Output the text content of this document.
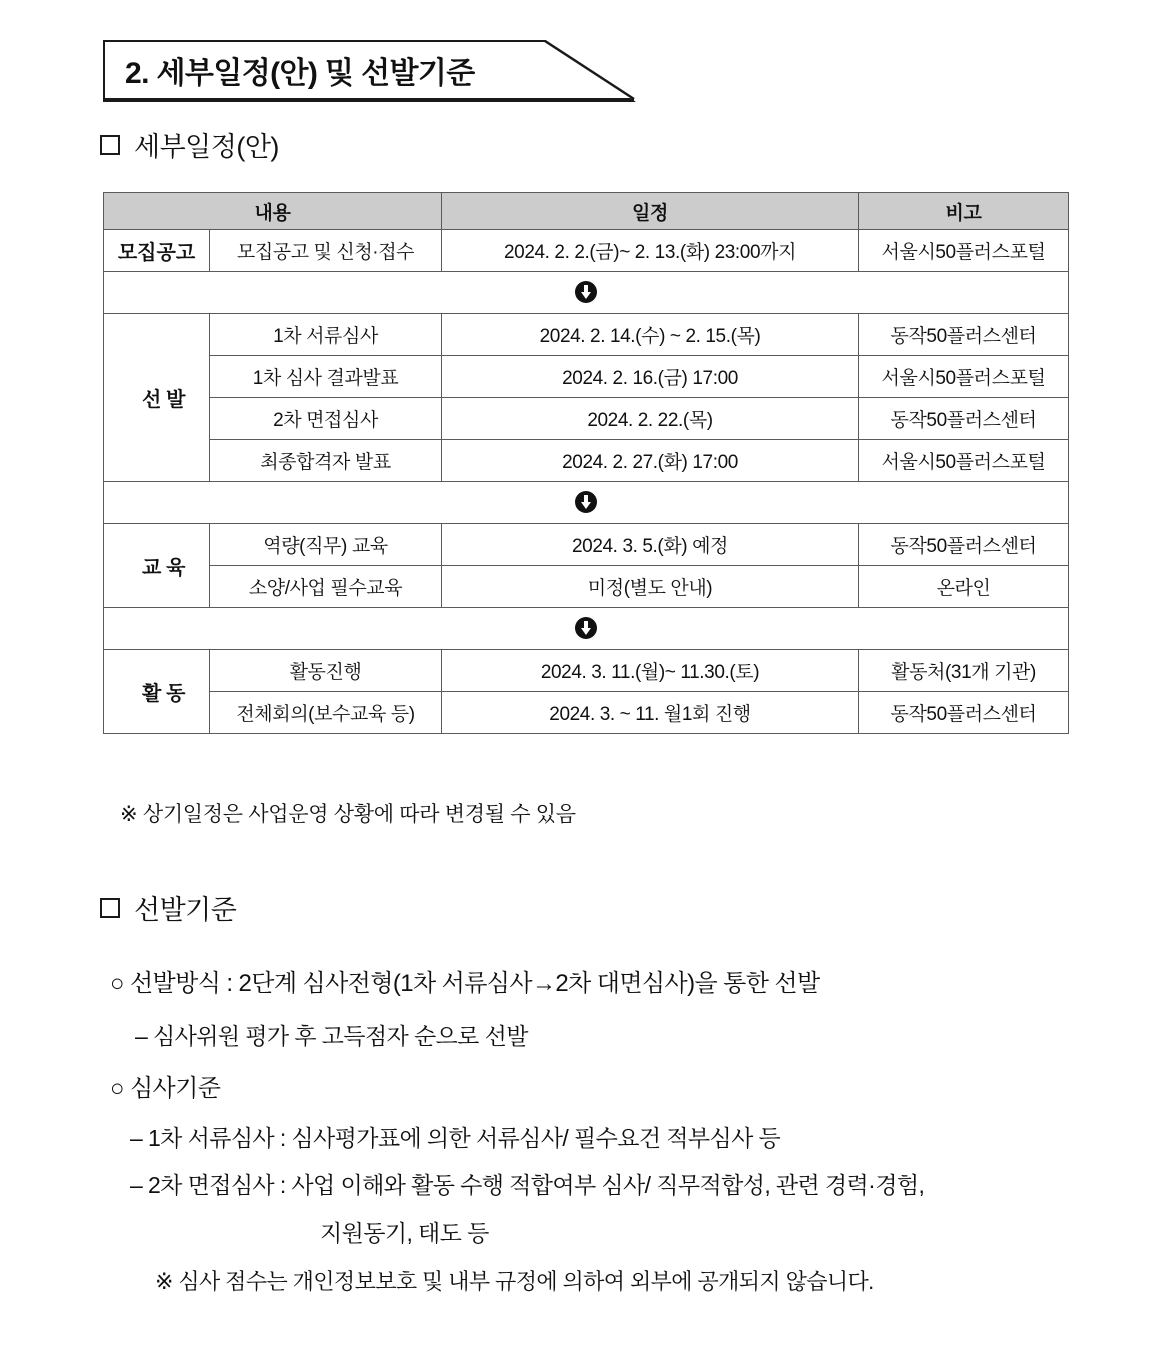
2. 세부일정(안) 및 선발기준
세부일정(안)
내용		일정	비고
모집공고	모집공고 및 신청·접수	2024. 2. 2.(금)~ 2. 13.(화) 23:00까지	서울시50플러스포털

선 발	1차 서류심사	2024. 2. 14.(수) ~ 2. 15.(목)	동작50플러스센터
	1차 심사 결과발표	2024. 2. 16.(금) 17:00	서울시50플러스포털
	2차 면접심사	2024. 2. 22.(목)	동작50플러스센터
	최종합격자 발표	2024. 2. 27.(화) 17:00	서울시50플러스포털

교 육	역량(직무) 교육	2024. 3. 5.(화) 예정	동작50플러스센터
	소양/사업 필수교육	미정(별도 안내)	온라인

활 동	활동진행	2024. 3. 11.(월)~ 11.30.(토)	활동처(31개 기관)
	전체회의(보수교육 등)	2024. 3. ~ 11. 월1회 진행	동작50플러스센터
※ 상기일정은 사업운영 상황에 따라 변경될 수 있음
선발기준
○ 선발방식 : 2단계 심사전형(1차 서류심사→2차 대면심사)을 통한 선발
– 심사위원 평가 후 고득점자 순으로 선발
○ 심사기준
– 1차 서류심사 : 심사평가표에 의한 서류심사/ 필수요건 적부심사 등
– 2차 면접심사 : 사업 이해와 활동 수행 적합여부 심사/ 직무적합성, 관련 경력·경험,
지원동기, 태도 등
※ 심사 점수는 개인정보보호 및 내부 규정에 의하여 외부에 공개되지 않습니다.
